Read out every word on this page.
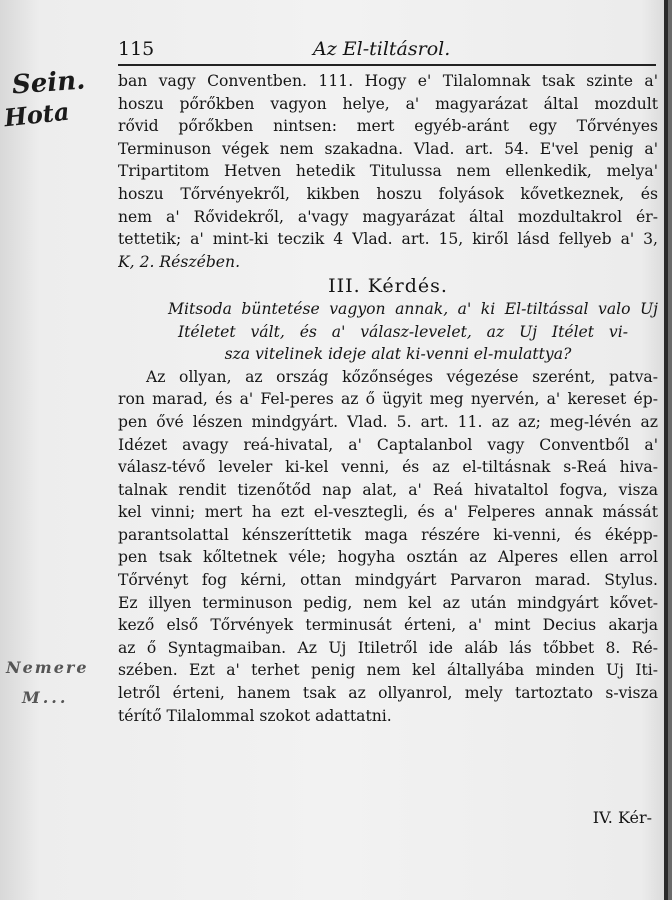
Sein.
Hota
Nemere
M...
115	Az El-tiltásrol.
ban vagy Conventben. 111. Hogy e' Tilalomnak tsak szinte a'
hoszu pőrőkben vagyon helye, a' magyarázat által mozdult
rővid pőrőkben nintsen: mert egyéb-aránt egy Tőrvényes
Terminuson végek nem szakadna. Vlad. art. 54. E'vel penig a'
Tripartitom Hetven hetedik Titulussa nem ellenkedik, melya'
hoszu Tőrvényekről, kikben hoszu folyások kővetkeznek, és
nem a' Rővidekről, a'vagy magyarázat által mozdultakrol ér-
tettetik; a' mint-ki teczik 4 Vlad. art. 15, kiről lásd fellyeb a' 3,
K, 2. Részében.
III. Kérdés.
Mitsoda büntetése vagyon annak, a' ki El-tiltással valo Uj
Itéletet vált, és a' válasz-levelet, az Uj Itélet vi-
sza vitelinek ideje alat ki-venni el-mulattya?
Az ollyan, az ország kőzőnséges végezése szerént, patva-
ron marad, és a' Fel-peres az ő ügyit meg nyervén, a' kereset ép-
pen ővé lészen mindgyárt. Vlad. 5. art. 11. az az; meg-lévén az
Idézet avagy reá-hivatal, a' Captalanbol vagy Conventből a'
válasz-tévő leveler ki-kel venni, és az el-tiltásnak s-Reá hiva-
talnak rendit tizenőtőd nap alat, a' Reá hivataltol fogva, visza
kel vinni; mert ha ezt el-vesztegli, és a' Felperes annak mássát
parantsolattal kénszeríttetik maga részére ki-venni, és éképp-
pen tsak kőltetnek véle; hogyha osztán az Alperes ellen arrol
Tőrvényt fog kérni, ottan mindgyárt Parvaron marad. Stylus.
Ez illyen terminuson pedig, nem kel az után mindgyárt kővet-
kező első Tőrvények terminusát érteni, a' mint Decius akarja
az ő Syntagmaiban. Az Uj Itiletről ide aláb lás tőbbet 8. Ré-
szében. Ezt a' terhet penig nem kel általlyába minden Uj Iti-
letről érteni, hanem tsak az ollyanrol, mely tartoztato s-visza
térítő Tilalommal szokot adattatni.
IV. Kér-
